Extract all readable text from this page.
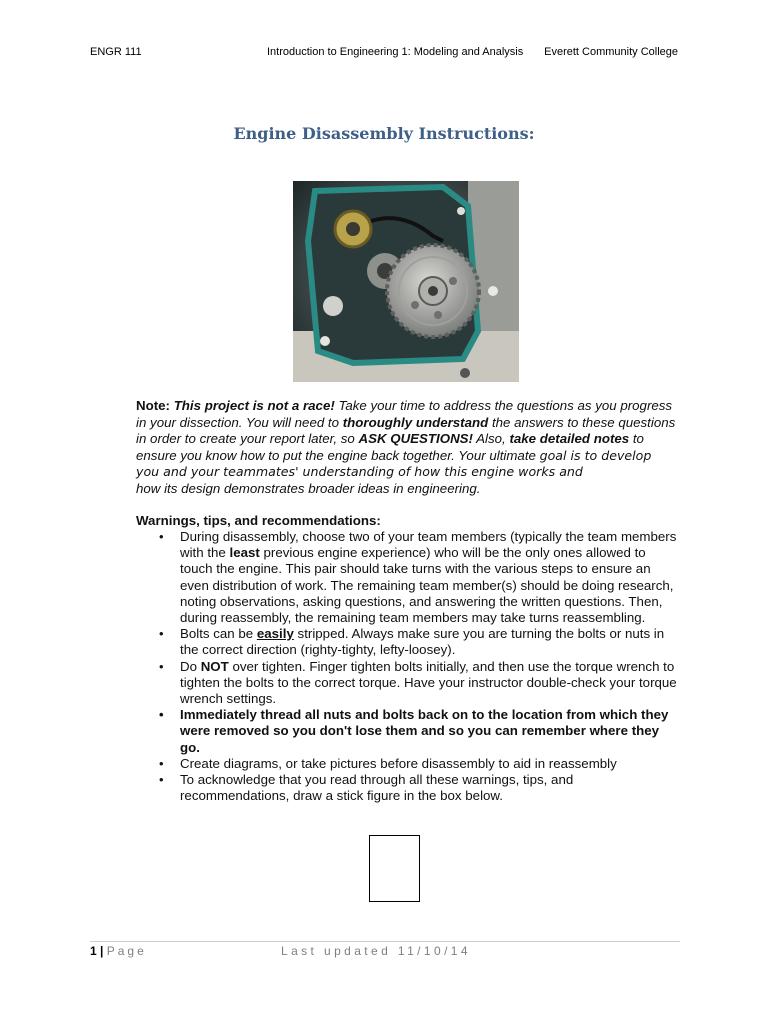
ENGR 111	Introduction to Engineering 1: Modeling and Analysis Everett Community College
Engine Disassembly Instructions:
Note: This project is not a race! Take your time to address the questions as you progress in your dissection. You will need to thoroughly understand the answers to these questions in order to create your report later, so ASK QUESTIONS! Also, take detailed notes to ensure you know how to put the engine back together. Your ultimate goal is to develop you and your teammates' understanding of how this engine works and
how its design demonstrates broader ideas in engineering.
Warnings, tips, and recommendations:
• During disassembly, choose two of your team members (typically the team members with the least previous engine experience) who will be the only ones allowed to touch the engine. This pair should take turns with the various steps to ensure an even distribution of work. The remaining team member(s) should be doing research, noting observations, asking questions, and answering the written questions. Then, during reassembly, the remaining team members may take turns reassembling.
• Bolts can be easily stripped. Always make sure you are turning the bolts or nuts in the correct direction (righty-tighty, lefty-loosey).
• Do NOT over tighten. Finger tighten bolts initially, and then use the torque wrench to tighten the bolts to the correct torque. Have your instructor double-check your torque wrench settings.
• Immediately thread all nuts and bolts back on to the location from which they were removed so you don't lose them and so you can remember where they go.
• Create diagrams, or take pictures before disassembly to aid in reassembly
• To acknowledge that you read through all these warnings, tips, and recommendations, draw a stick figure in the box below.
1 | Page	Last updated 11/10/14
